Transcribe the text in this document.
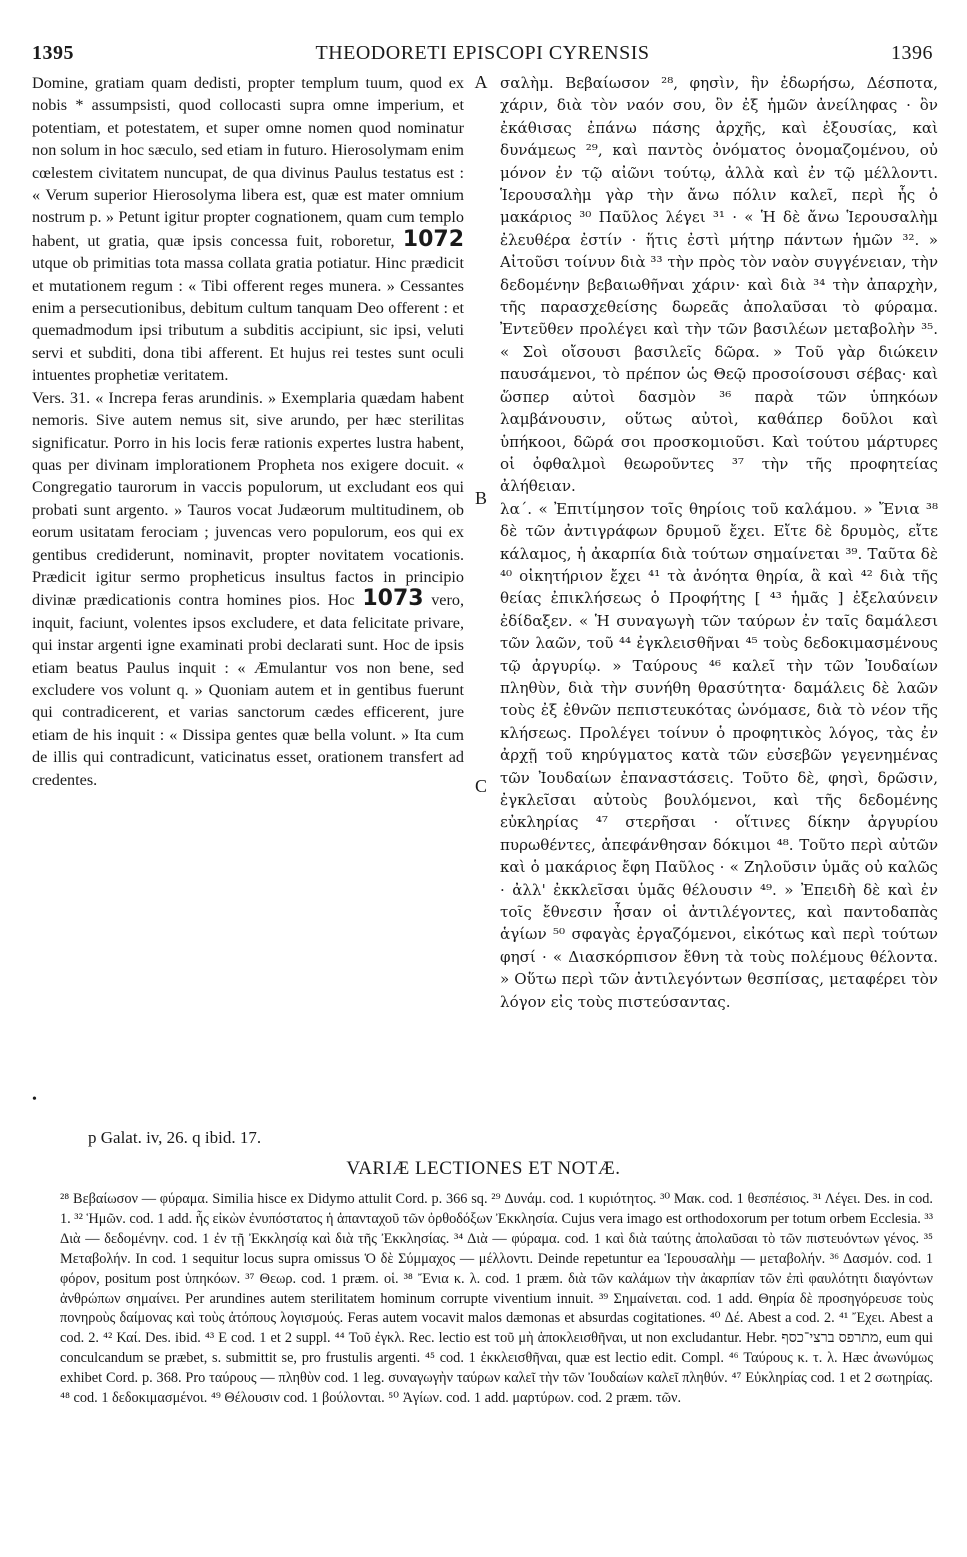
1395	THEODORETI EPISCOPI CYRENSIS	1396

Domine, gratiam quam dedisti, propter templum tuum, quod ex nobis * assumpsisti, quod collocasti supra omne imperium, et potentiam, et potestatem, et super omne nomen quod nominatur non solum in hoc sæculo, sed etiam in futuro. Hierosolymam enim cœlestem civitatem nuncupat, de qua divinus Paulus testatus est : « Verum superior Hierosolyma libera est, quæ est mater omnium nostrum p. » Petunt igitur propter cognationem, quam cum templo habent, ut gratia, quæ ipsis concessa fuit, roboretur, 1072 utque ob primitias tota massa collata gratia potiatur. Hinc prædicit et mutationem regum : « Tibi offerent reges munera. » Cessantes enim a persecutionibus, debitum cultum tanquam Deo offerent : et quemadmodum ipsi tributum a subditis accipiunt, sic ipsi, veluti servi et subditi, dona tibi afferent. Et hujus rei testes sunt oculi intuentes prophetiæ veritatem.

Vers. 31. « Increpa feras arundinis. » Exemplaria quædam habent nemoris. Sive autem nemus sit, sive arundo, per hæc sterilitas significatur. Porro in his locis feræ rationis expertes lustra habent, quas per divinam implorationem Propheta nos exigere docuit. « Congregatio taurorum in vaccis populorum, ut excludant eos qui probati sunt argento. » Tauros vocat Judæorum multitudinem, ob eorum usitatam ferociam ; juvencas vero populorum, eos qui ex gentibus crediderunt, nominavit, propter novitatem vocationis. Prædicit igitur sermo propheticus insultus factos in principio divinæ prædicationis contra homines pios. Hoc 1073 vero, inquit, faciunt, volentes ipsos excludere, et data felicitate privare, qui instar argenti igne examinati probi declarati sunt. Hoc de ipsis etiam beatus Paulus inquit : « Æmulantur vos non bene, sed excludere vos volunt q. » Quoniam autem et in gentibus fuerunt qui contradicerent, et varias sanctorum cædes efficerent, jure etiam de his inquit : « Dissipa gentes quæ bella volunt. » Ita cum de illis qui contradicunt, vaticinatus esset, orationem transfert ad credentes.

A
B
C

σαλὴμ. Βεβαίωσον ²⁸, φησὶν, ἣν ἐδωρήσω, Δέσποτα, χάριν, διὰ τὸν ναόν σου, ὃν ἐξ ἡμῶν ἀνείληφας · ὃν ἐκάθισας ἐπάνω πάσης ἀρχῆς, καὶ ἐξουσίας, καὶ δυνάμεως ²⁹, καὶ παντὸς ὀνόματος ὀνομαζομένου, οὐ μόνον ἐν τῷ αἰῶνι τούτῳ, ἀλλὰ καὶ ἐν τῷ μέλλοντι. Ἱερουσαλὴμ γὰρ τὴν ἄνω πόλιν καλεῖ, περὶ ἧς ὁ μακάριος ³⁰ Παῦλος λέγει ³¹ · « Ἡ δὲ ἄνω Ἱερουσαλὴμ ἐλευθέρα ἐστίν · ἥτις ἐστὶ μήτηρ πάντων ἡμῶν ³². » Αἰτοῦσι τοίνυν διὰ ³³ τὴν πρὸς τὸν ναὸν συγγένειαν, τὴν δεδομένην βεβαιωθῆναι χάριν· καὶ διὰ ³⁴ τὴν ἀπαρχὴν, τῆς παρασχεθείσης δωρεᾶς ἀπολαῦσαι τὸ φύραμα. Ἐντεῦθεν προλέγει καὶ τὴν τῶν βασιλέων μεταβολὴν ³⁵. « Σοὶ οἴσουσι βασιλεῖς δῶρα. » Τοῦ γὰρ διώκειν παυσάμενοι, τὸ πρέπον ὡς Θεῷ προσοίσουσι σέβας· καὶ ὥσπερ αὐτοὶ δασμὸν ³⁶ παρὰ τῶν ὑπηκόων λαμβάνουσιν, οὕτως αὐτοὶ, καθάπερ δοῦλοι καὶ ὑπήκοοι, δῶρά σοι προσκομιοῦσι. Καὶ τούτου μάρτυρες οἱ ὀφθαλμοὶ θεωροῦντες ³⁷ τὴν τῆς προφητείας ἀλήθειαν.

λα΄. « Ἐπιτίμησον τοῖς θηρίοις τοῦ καλάμου. » Ἔνια ³⁸ δὲ τῶν ἀντιγράφων δρυμοῦ ἔχει. Εἴτε δὲ δρυμὸς, εἴτε κάλαμος, ἡ ἀκαρπία διὰ τούτων σημαίνεται ³⁹. Ταῦτα δὲ ⁴⁰ οἰκητήριον ἔχει ⁴¹ τὰ ἀνόητα θηρία, ἃ καὶ ⁴² διὰ τῆς θείας ἐπικλήσεως ὁ Προφήτης [ ⁴³ ἡμᾶς ] ἐξελαύνειν ἐδίδαξεν. « Ἡ συναγωγὴ τῶν ταύρων ἐν ταῖς δαμάλεσι τῶν λαῶν, τοῦ ⁴⁴ ἐγκλεισθῆναι ⁴⁵ τοὺς δεδοκιμασμένους τῷ ἀργυρίῳ. » Ταύρους ⁴⁶ καλεῖ τὴν τῶν Ἰουδαίων πληθὺν, διὰ τὴν συνήθη θρασύτητα· δαμάλεις δὲ λαῶν τοὺς ἐξ ἐθνῶν πεπιστευκότας ὠνόμασε, διὰ τὸ νέον τῆς κλήσεως. Προλέγει τοίνυν ὁ προφητικὸς λόγος, τὰς ἐν ἀρχῇ τοῦ κηρύγματος κατὰ τῶν εὐσεβῶν γεγενημένας τῶν Ἰουδαίων ἐπαναστάσεις. Τοῦτο δὲ, φησὶ, δρῶσιν, ἐγκλεῖσαι αὐτοὺς βουλόμενοι, καὶ τῆς δεδομένης εὐκληρίας ⁴⁷ στερῆσαι · οἵτινες δίκην ἀργυρίου πυρωθέντες, ἀπεφάνθησαν δόκιμοι ⁴⁸. Τοῦτο περὶ αὐτῶν καὶ ὁ μακάριος ἔφη Παῦλος · « Ζηλοῦσιν ὑμᾶς οὐ καλῶς · ἀλλ' ἐκκλεῖσαι ὑμᾶς θέλουσιν ⁴⁹. » Ἐπειδὴ δὲ καὶ ἐν τοῖς ἔθνεσιν ἦσαν οἱ ἀντιλέγοντες, καὶ παντοδαπὰς ἁγίων ⁵⁰ σφαγὰς ἐργαζόμενοι, εἰκότως καὶ περὶ τούτων φησί · « Διασκόρπισον ἔθνη τὰ τοὺς πολέμους θέλοντα. » Οὕτω περὶ τῶν ἀντιλεγόντων θεσπίσας, μεταφέρει τὸν λόγον εἰς τοὺς πιστεύσαντας.

•
p Galat. iv, 26. q ibid. 17.
VARIÆ LECTIONES ET NOTÆ.

²⁸ Βεβαίωσον — φύραμα. Similia hisce ex Didymo attulit Cord. p. 366 sq. ²⁹ Δυνάμ. cod. 1 κυριότητος. ³⁰ Μακ. cod. 1 θεσπέσιος. ³¹ Λέγει. Des. in cod. 1. ³² Ἡμῶν. cod. 1 add. ἧς εἰκὼν ἐνυπόστατος ἡ ἁπανταχοῦ τῶν ὀρθοδόξων Ἐκκλησία. Cujus vera imago est orthodoxorum per totum orbem Ecclesia. ³³ Διὰ — δεδομένην. cod. 1 ἐν τῇ Ἐκκλησίᾳ καὶ διὰ τῆς Ἐκκλησίας. ³⁴ Διὰ — φύραμα. cod. 1 καὶ διὰ ταύτης ἀπολαῦσαι τὸ τῶν πιστευόντων γένος. ³⁵ Μεταβολήν. In cod. 1 sequitur locus supra omissus Ὁ δὲ Σύμμαχος — μέλλοντι. Deinde repetuntur ea Ἱερουσαλὴμ — μεταβολήν. ³⁶ Δασμόν. cod. 1 φόρον, positum post ὑπηκόων. ³⁷ Θεωρ. cod. 1 præm. οἱ. ³⁸ Ἔνια κ. λ. cod. 1 præm. διὰ τῶν καλάμων τὴν ἀκαρπίαν τῶν ἐπὶ φαυλότητι διαγόντων ἀνθρώπων σημαίνει. Per arundines autem sterilitatem hominum corrupte viventium innuit. ³⁹ Σημαίνεται. cod. 1 add. Θηρία δὲ προσηγόρευσε τοὺς πονηροὺς δαίμονας καὶ τοὺς ἀτόπους λογισμούς. Feras autem vocavit malos dæmonas et absurdas cogitationes. ⁴⁰ Δέ. Abest a cod. 2. ⁴¹ Ἔχει. Abest a cod. 2. ⁴² Καί. Des. ibid. ⁴³ E cod. 1 et 2 suppl. ⁴⁴ Τοῦ ἐγκλ. Rec. lectio est τοῦ μὴ ἀποκλεισθῆναι, ut non excludantur. Hebr. מתרפס ברצי־כסף, eum qui conculcandum se præbet, s. submittit se, pro frustulis argenti. ⁴⁵ cod. 1 ἐκκλεισθῆναι, quæ est lectio edit. Compl. ⁴⁶ Ταύρους κ. τ. λ. Hæc ἀνωνύμως exhibet Cord. p. 368. Pro ταύρους — πληθὺν cod. 1 leg. συναγωγὴν ταύρων καλεῖ τὴν τῶν Ἰουδαίων καλεῖ πληθύν. ⁴⁷ Εὐκληρίας cod. 1 et 2 σωτηρίας. ⁴⁸ cod. 1 δεδοκιμασμένοι. ⁴⁹ Θέλουσιν cod. 1 βούλονται. ⁵⁰ Ἁγίων. cod. 1 add. μαρτύρων. cod. 2 præm. τῶν.
